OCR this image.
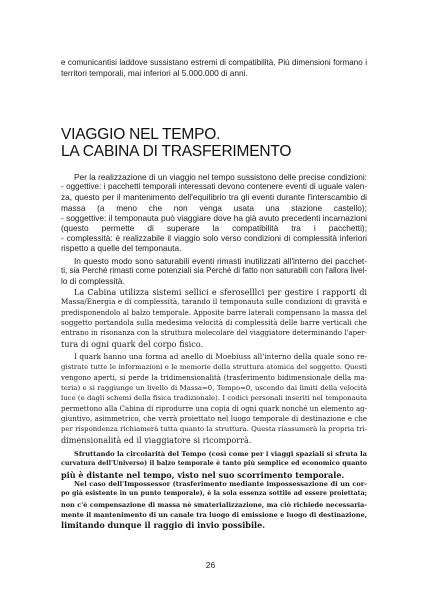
e comunicantisi laddove sussistano estremi di compatibilità. Più dimensioni formano i
territori temporali, mai inferiori al 5.000.000 di anni.

VIAGGIO NEL TEMPO.
LA CABINA DI TRASFERIMENTO

Per la realizzazione di un viaggio nel tempo sussistono delle precise condizioni:
- oggettive: i pacchetti temporali interessati devono contenere eventi di uguale valen-
za, questo per il mantenimento dell'equilibrio tra gli eventi durante l'interscambio di
massa (a meno che non venga usata una stazione castello);
- soggettive: il temponauta può viaggiare dove ha già avuto precedenti incarnazioni
(questo permette di superare la compatibilità tra i pacchetti);
- complessità: è realizzabile il viaggio solo verso condizioni di complessità inferiori
rispetto a quelle del temponauta.

In questo modo sono saturabili eventi rimasti inutilizzati all'interno dei pacchet-
ti, sia Perché rimasti come potenziali sia Perché di fatto non saturabili con l'allora livel-
lo di complessità.

La Cabina utilizza sistemi sellici e sferoselllci per gestire i rapporti di
Massa/Energia e di complessità, tarando il temponauta sulle condizioni di gravità e
predisponendolo al balzo temporale. Apposite barre laterali compensano la massa del
soggetto portandola sulla medesima velocità di complessità delle barre verticali che
entrano in risonanza con la struttura molecolare del viaggiatore determinando l'aper-
tura di ogni quark del corpo fisico.

I quark hanno una forma ad anello di Moebiuss all'interno della quale sono re-
gistrate tutte le informazioni e le memorie della struttura atomica del soggetto. Questi
vengono aperti, si perde la tridimensionalità (trasferimento bidimensionale della ma-
teria) e si raggiunge un livello di Massa=0, Tempo=0, uscendo dai limiti della velocità
luce (e dagli schemi della fisica tradizionale). I codici personali inseriti nel temponauta
permettono alla Cabina di riprodurre una copia di ogni quark nonché un elemento ag-
giuntivo, asimmetrico, che verrà proiettato nel luogo temporale di destinazione e che
per rispondenza richiamerà tutta quanto la struttura. Questa riassumerà la propria tri-
dimensionalità ed il viaggiatore si ricomporrà.

Sfruttando la circolarità del Tempo (così come per i viaggi spaziali si sfruta la
curvatura dell'Universo) il balzo temporale è tanto più semplice ed economico quanto
più è distante nel tempo, visto nel suo scorrimento temporale.

Nel caso dell'Impossessor (trasferimento mediante impossessazione di un cor-
po già esistente in un punto temporale), è la sola essenza sottile ad essere proiettata;
non c'è compensazione di massa nè smaterializzazione, ma ciò richiede necessaria-
mente il mantenimento di un canale tra luogo di emissione e luogo di destinazione,
limitando dunque il raggio di invio possibile.

26
